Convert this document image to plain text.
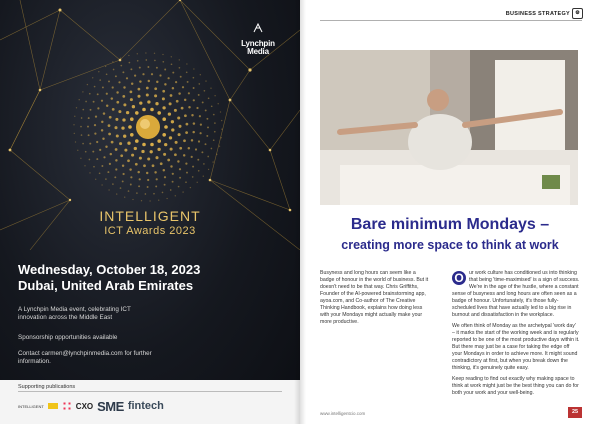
Lynchpin
Media
INTELLIGENT
ICT Awards 2023
Wednesday, October 18, 2023
Dubai, United Arab Emirates
A Lynchpin Media event, celebrating ICT innovation across the Middle East
Sponsorship opportunities available
Contact carmen@lynchpinmedia.com for further information.
Supporting publications
INTELLIGENT	CXO SME fintech
BUSINESS STRATEGY	⚙
Bare minimum Mondays –
creating more space to think at work

Busyness and long hours can seem like a badge of honour in the world of business. But it doesn't need to be that way. Chris Griffiths, Founder of the AI-powered brainstorming app, ayoa.com, and Co-author of The Creative Thinking Handbook, explains how doing less with your Mondays might actually make your more productive.

O	ur work culture has conditioned us into thinking that being 'time-maximised' is a sign of success. We're in the age of the hustle, where a constant sense of busyness and long hours are often seen as a badge of honour. Unfortunately, it's those fully-scheduled lives that have actually led to a big rise in burnout and dissatisfaction in the workplace.

We often think of Monday as the archetypal 'work day' – it marks the start of the working week and is regularly reported to be one of the most productive days within it. But there may just be a case for taking the edge off your Mondays in order to achieve more. It might sound contradictory at first, but when you break down the thinking, it's genuinely quite easy.

Keep reading to find out exactly why making space to think at work might just be the best thing you can do for both your work and your well-being.

www.intelligentcio.com	25
